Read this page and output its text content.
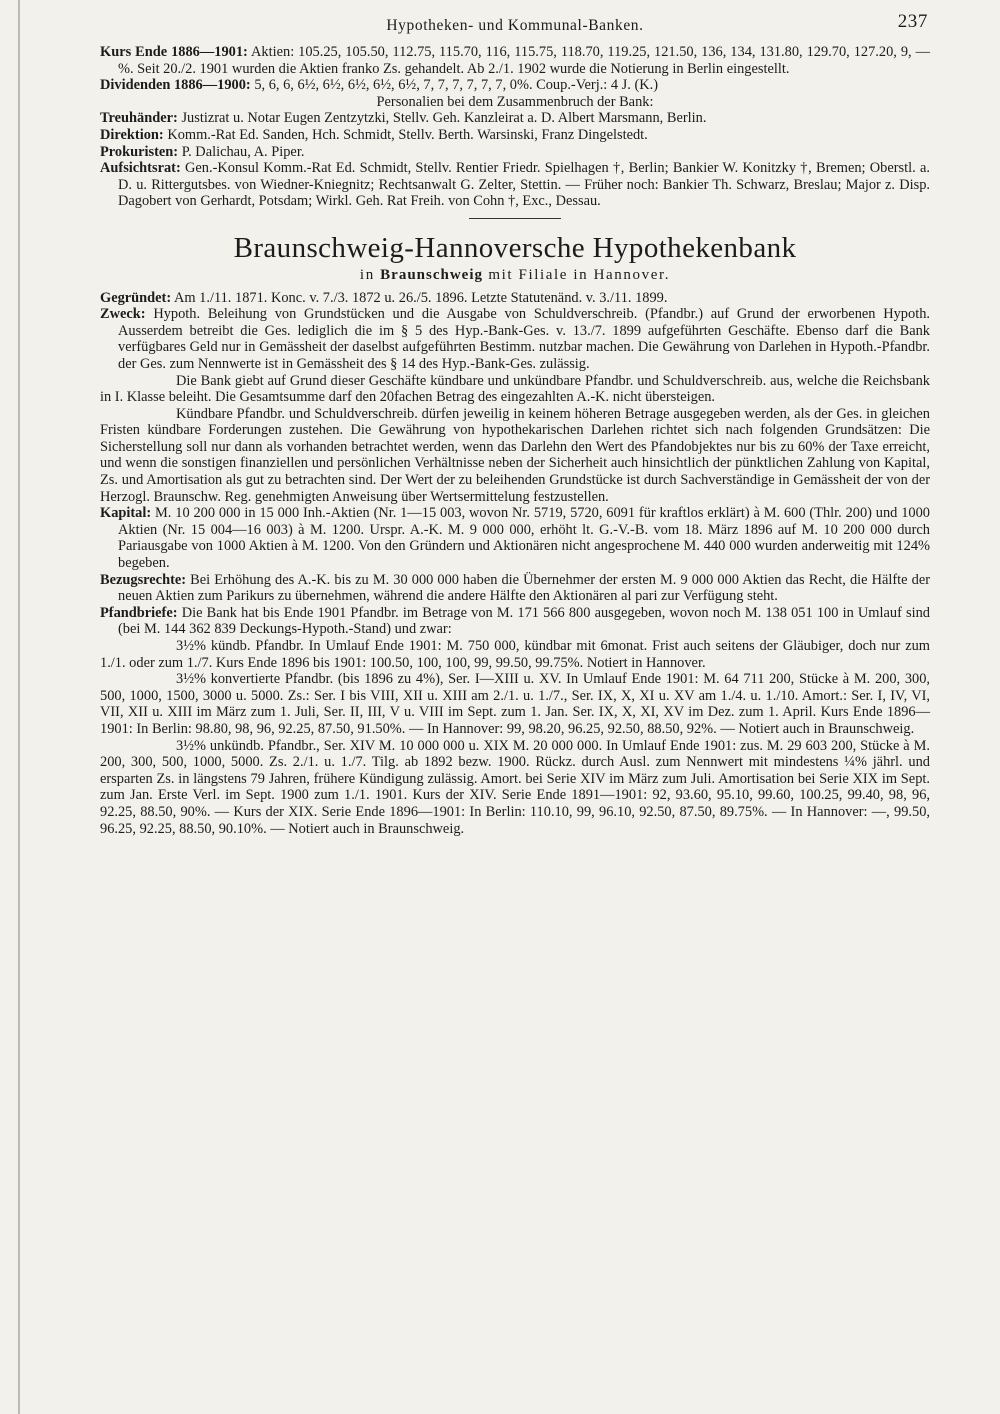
Hypotheken- und Kommunal-Banken.	237
Kurs Ende 1886—1901: Aktien: 105.25, 105.50, 112.75, 115.70, 116, 115.75, 118.70, 119.25, 121.50, 136, 134, 131.80, 129.70, 127.20, 9, —%. Seit 20./2. 1901 wurden die Aktien franko Zs. gehandelt. Ab 2./1. 1902 wurde die Notierung in Berlin eingestellt.
Dividenden 1886—1900: 5, 6, 6, 6½, 6½, 6½, 6½, 6½, 7, 7, 7, 7, 7, 7, 0%. Coup.-Verj.: 4 J. (K.)
Personalien bei dem Zusammenbruch der Bank:
Treuhänder: Justizrat u. Notar Eugen Zentzytzki, Stellv. Geh. Kanzleirat a. D. Albert Marsmann, Berlin.
Direktion: Komm.-Rat Ed. Sanden, Hch. Schmidt, Stellv. Berth. Warsinski, Franz Dingelstedt.
Prokuristen: P. Dalichau, A. Piper.
Aufsichtsrat: Gen.-Konsul Komm.-Rat Ed. Schmidt, Stellv. Rentier Friedr. Spielhagen †, Berlin; Bankier W. Konitzky †, Bremen; Oberstl. a. D. u. Rittergutsbes. von Wiedner-Kniegnitz; Rechtsanwalt G. Zelter, Stettin. — Früher noch: Bankier Th. Schwarz, Breslau; Major z. Disp. Dagobert von Gerhardt, Potsdam; Wirkl. Geh. Rat Freih. von Cohn †, Exc., Dessau.
Braunschweig-Hannoversche Hypothekenbank
in Braunschweig mit Filiale in Hannover.
Gegründet: Am 1./11. 1871. Konc. v. 7./3. 1872 u. 26./5. 1896. Letzte Statutenänd. v. 3./11. 1899.
Zweck: Hypoth. Beleihung von Grundstücken und die Ausgabe von Schuldverschreib. (Pfandbr.) auf Grund der erworbenen Hypoth. Ausserdem betreibt die Ges. lediglich die im § 5 des Hyp.-Bank-Ges. v. 13./7. 1899 aufgeführten Geschäfte. Ebenso darf die Bank verfügbares Geld nur in Gemässheit der daselbst aufgeführten Bestimm. nutzbar machen. Die Gewährung von Darlehen in Hypoth.-Pfandbr. der Ges. zum Nennwerte ist in Gemässheit des § 14 des Hyp.-Bank-Ges. zulässig.
Die Bank giebt auf Grund dieser Geschäfte kündbare und unkündbare Pfandbr. und Schuldverschreib. aus, welche die Reichsbank in I. Klasse beleiht. Die Gesamtsumme darf den 20fachen Betrag des eingezahlten A.-K. nicht übersteigen.
Kündbare Pfandbr. und Schuldverschreib. dürfen jeweilig in keinem höheren Betrage ausgegeben werden, als der Ges. in gleichen Fristen kündbare Forderungen zustehen. Die Gewährung von hypothekarischen Darlehen richtet sich nach folgenden Grundsätzen: Die Sicherstellung soll nur dann als vorhanden betrachtet werden, wenn das Darlehn den Wert des Pfandobjektes nur bis zu 60% der Taxe erreicht, und wenn die sonstigen finanziellen und persönlichen Verhältnisse neben der Sicherheit auch hinsichtlich der pünktlichen Zahlung von Kapital, Zs. und Amortisation als gut zu betrachten sind. Der Wert der zu beleihenden Grundstücke ist durch Sachverständige in Gemässheit der von der Herzogl. Braunschw. Reg. genehmigten Anweisung über Wertsermittelung festzustellen.
Kapital: M. 10 200 000 in 15 000 Inh.-Aktien (Nr. 1—15 003, wovon Nr. 5719, 5720, 6091 für kraftlos erklärt) à M. 600 (Thlr. 200) und 1000 Aktien (Nr. 15 004—16 003) à M. 1200. Urspr. A.-K. M. 9 000 000, erhöht lt. G.-V.-B. vom 18. März 1896 auf M. 10 200 000 durch Pariausgabe von 1000 Aktien à M. 1200. Von den Gründern und Aktionären nicht angesprochene M. 440 000 wurden anderweitig mit 124% begeben.
Bezugsrechte: Bei Erhöhung des A.-K. bis zu M. 30 000 000 haben die Übernehmer der ersten M. 9 000 000 Aktien das Recht, die Hälfte der neuen Aktien zum Parikurs zu übernehmen, während die andere Hälfte den Aktionären al pari zur Verfügung steht.
Pfandbriefe: Die Bank hat bis Ende 1901 Pfandbr. im Betrage von M. 171 566 800 ausgegeben, wovon noch M. 138 051 100 in Umlauf sind (bei M. 144 362 839 Deckungs-Hypoth.-Stand) und zwar:
3½% kündb. Pfandbr. In Umlauf Ende 1901: M. 750 000, kündbar mit 6monat. Frist auch seitens der Gläubiger, doch nur zum 1./1. oder zum 1./7. Kurs Ende 1896 bis 1901: 100.50, 100, 100, 99, 99.50, 99.75%. Notiert in Hannover.
3½% konvertierte Pfandbr. (bis 1896 zu 4%), Ser. I—XIII u. XV. In Umlauf Ende 1901: M. 64 711 200, Stücke à M. 200, 300, 500, 1000, 1500, 3000 u. 5000. Zs.: Ser. I bis VIII, XII u. XIII am 2./1. u. 1./7., Ser. IX, X, XI u. XV am 1./4. u. 1./10. Amort.: Ser. I, IV, VI, VII, XII u. XIII im März zum 1. Juli, Ser. II, III, V u. VIII im Sept. zum 1. Jan. Ser. IX, X, XI, XV im Dez. zum 1. April. Kurs Ende 1896—1901: In Berlin: 98.80, 98, 96, 92.25, 87.50, 91.50%. — In Hannover: 99, 98.20, 96.25, 92.50, 88.50, 92%. — Notiert auch in Braunschweig.
3½% unkündb. Pfandbr., Ser. XIV M. 10 000 000 u. XIX M. 20 000 000. In Umlauf Ende 1901: zus. M. 29 603 200, Stücke à M. 200, 300, 500, 1000, 5000. Zs. 2./1. u. 1./7. Tilg. ab 1892 bezw. 1900. Rückz. durch Ausl. zum Nennwert mit mindestens ¼% jährl. und ersparten Zs. in längstens 79 Jahren, frühere Kündigung zulässig. Amort. bei Serie XIV im März zum Juli. Amortisation bei Serie XIX im Sept. zum Jan. Erste Verl. im Sept. 1900 zum 1./1. 1901. Kurs der XIV. Serie Ende 1891—1901: 92, 93.60, 95.10, 99.60, 100.25, 99.40, 98, 96, 92.25, 88.50, 90%. — Kurs der XIX. Serie Ende 1896—1901: In Berlin: 110.10, 99, 96.10, 92.50, 87.50, 89.75%. — In Hannover: —, 99.50, 96.25, 92.25, 88.50, 90.10%. — Notiert auch in Braunschweig.
